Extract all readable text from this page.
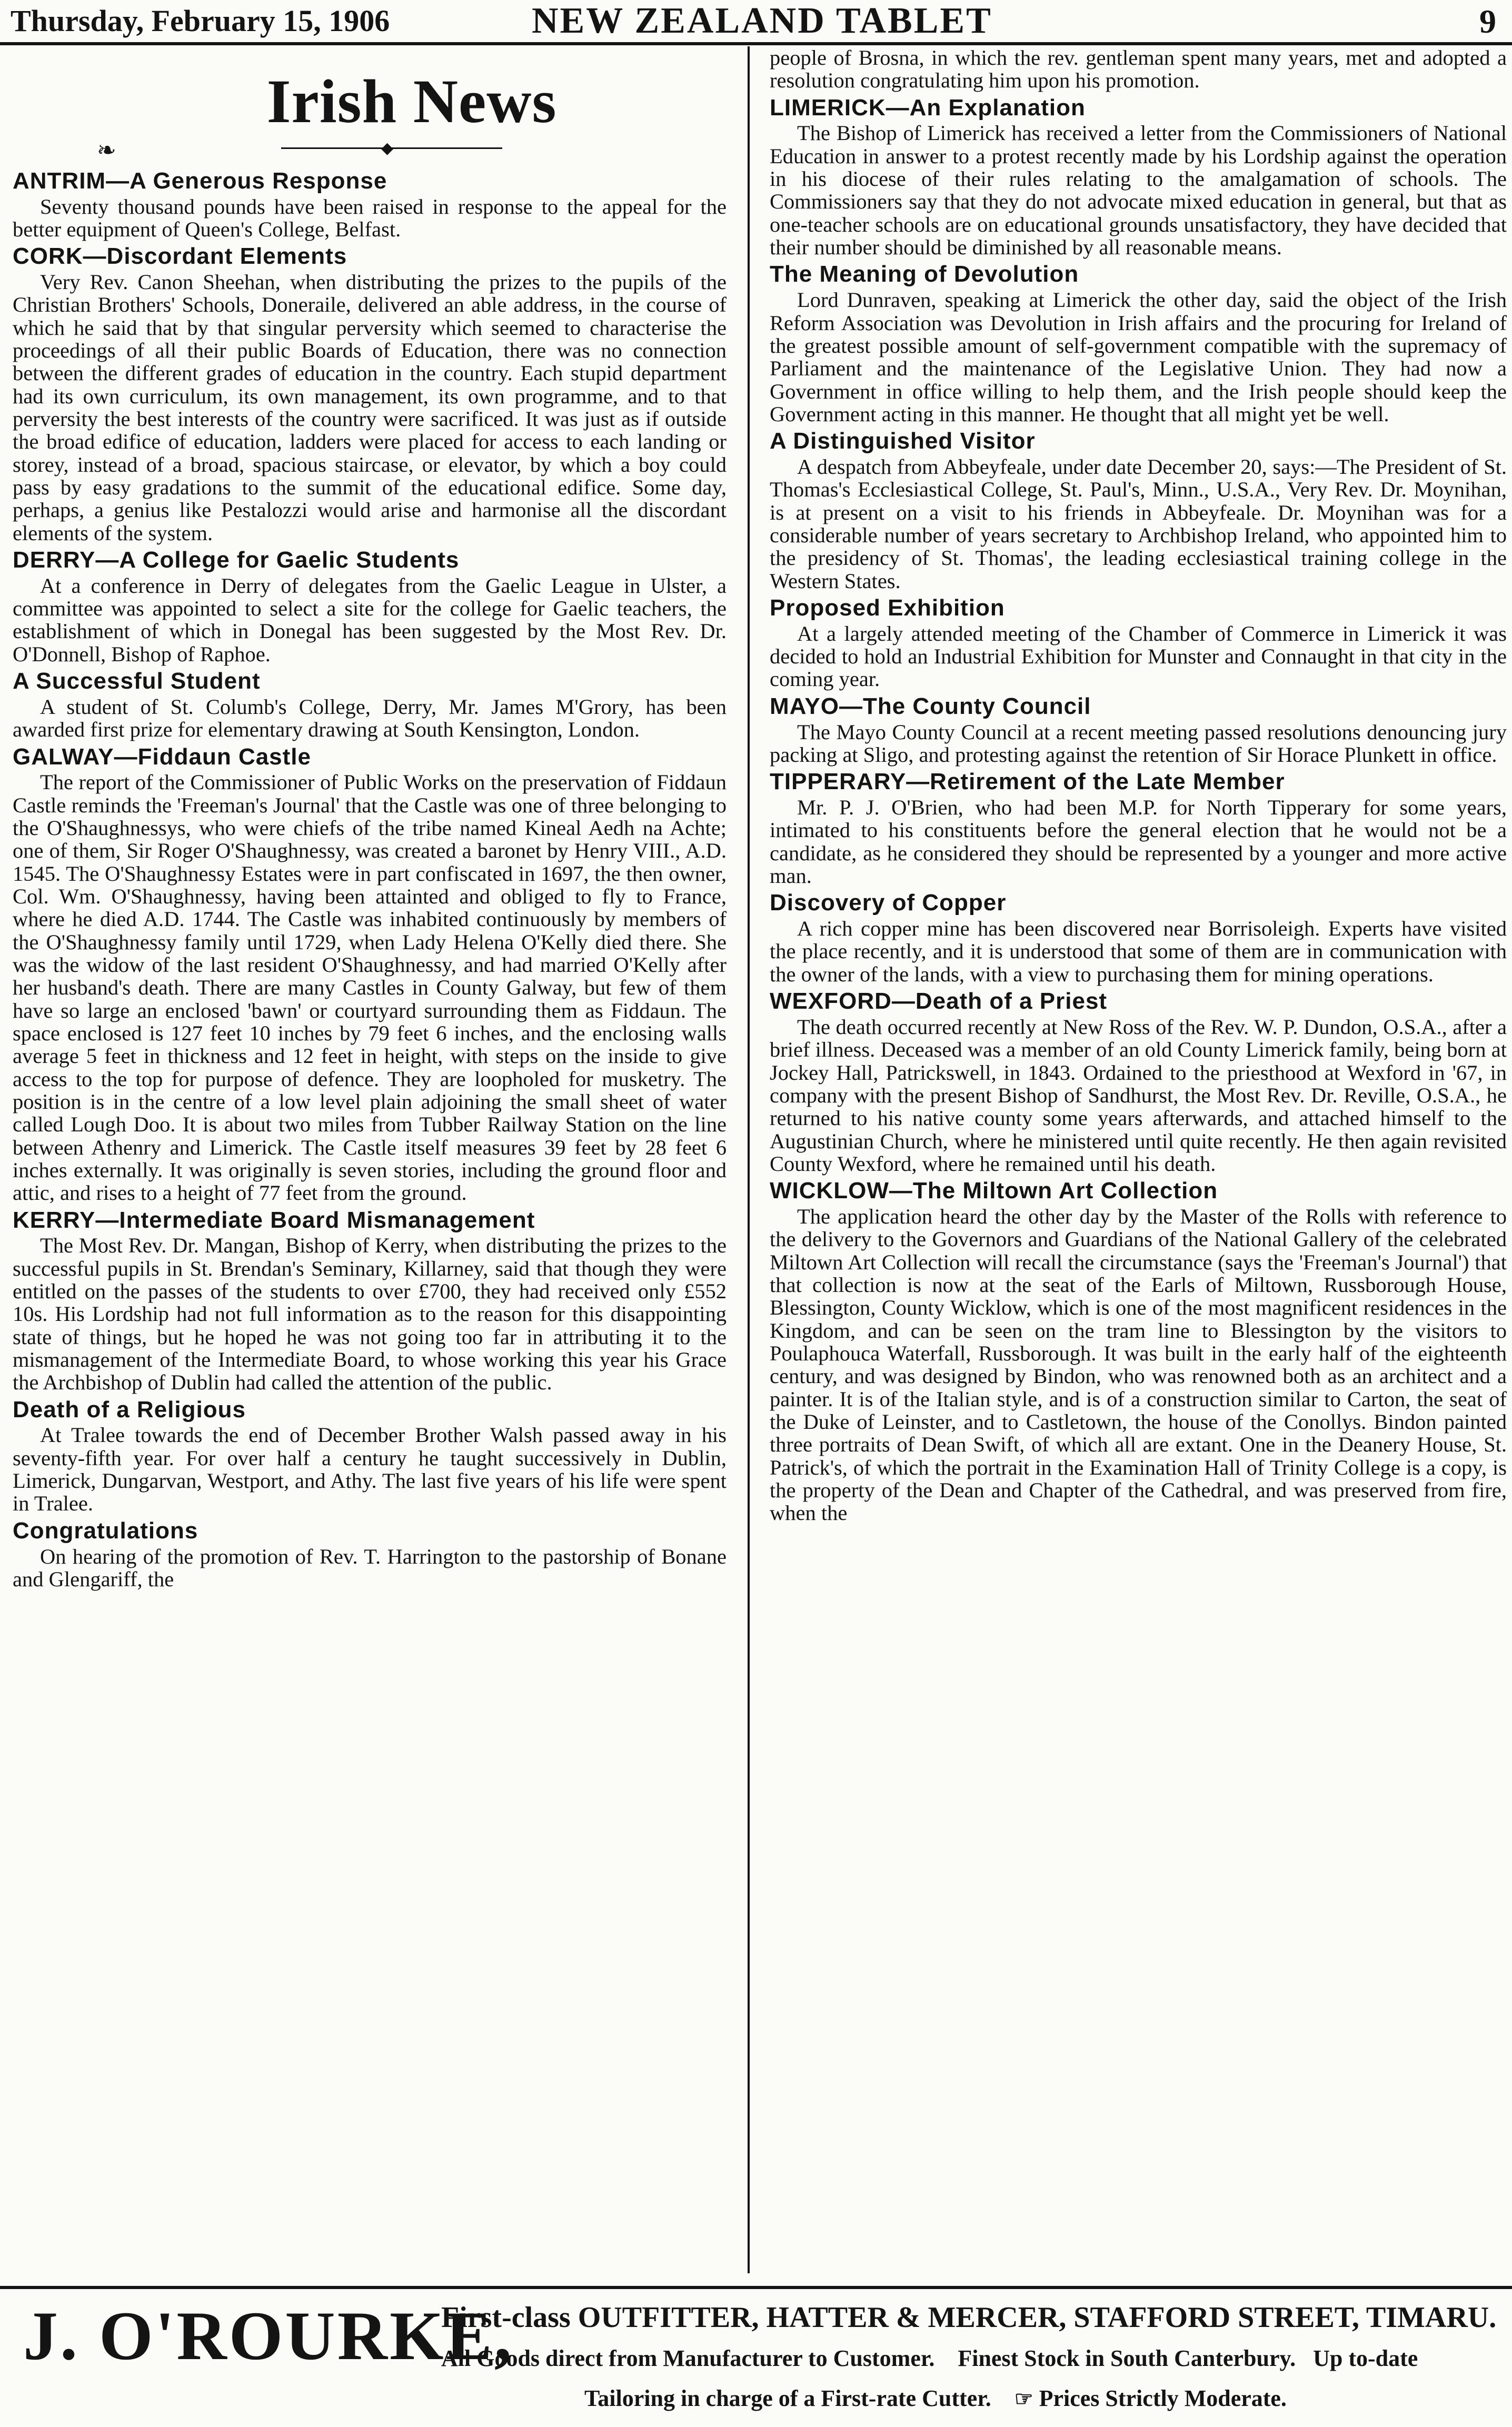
Thursday, February 15, 1906	NEW ZEALAND TABLET	9
Irish News
❧	◆
ANTRIM—A Generous Response

Seventy thousand pounds have been raised in response to the appeal for the better equipment of Queen's College, Belfast.

CORK—Discordant Elements

Very Rev. Canon Sheehan, when distributing the prizes to the pupils of the Christian Brothers' Schools, Doneraile, delivered an able address, in the course of which he said that by that singular perversity which seemed to characterise the proceedings of all their public Boards of Education, there was no connection between the different grades of education in the country. Each stupid department had its own curriculum, its own management, its own programme, and to that perversity the best interests of the country were sacrificed. It was just as if outside the broad edifice of education, ladders were placed for access to each landing or storey, instead of a broad, spacious staircase, or elevator, by which a boy could pass by easy gradations to the summit of the educational edifice. Some day, perhaps, a genius like Pestalozzi would arise and harmonise all the discordant elements of the system.

DERRY—A College for Gaelic Students

At a conference in Derry of delegates from the Gaelic League in Ulster, a committee was appointed to select a site for the college for Gaelic teachers, the establishment of which in Donegal has been suggested by the Most Rev. Dr. O'Donnell, Bishop of Raphoe.

A Successful Student

A student of St. Columb's College, Derry, Mr. James M'Grory, has been awarded first prize for elementary drawing at South Kensington, London.

GALWAY—Fiddaun Castle

The report of the Commissioner of Public Works on the preservation of Fiddaun Castle reminds the 'Freeman's Journal' that the Castle was one of three belonging to the O'Shaughnessys, who were chiefs of the tribe named Kineal Aedh na Achte; one of them, Sir Roger O'Shaughnessy, was created a baronet by Henry VIII., A.D. 1545. The O'Shaughnessy Estates were in part confiscated in 1697, the then owner, Col. Wm. O'Shaughnessy, having been attainted and obliged to fly to France, where he died A.D. 1744. The Castle was inhabited continuously by members of the O'Shaughnessy family until 1729, when Lady Helena O'Kelly died there. She was the widow of the last resident O'Shaughnessy, and had married O'Kelly after her husband's death. There are many Castles in County Galway, but few of them have so large an enclosed 'bawn' or courtyard surrounding them as Fiddaun. The space enclosed is 127 feet 10 inches by 79 feet 6 inches, and the enclosing walls average 5 feet in thickness and 12 feet in height, with steps on the inside to give access to the top for purpose of defence. They are loopholed for musketry. The position is in the centre of a low level plain adjoining the small sheet of water called Lough Doo. It is about two miles from Tubber Railway Station on the line between Athenry and Limerick. The Castle itself measures 39 feet by 28 feet 6 inches externally. It was originally is seven stories, including the ground floor and attic, and rises to a height of 77 feet from the ground.

KERRY—Intermediate Board Mismanagement

The Most Rev. Dr. Mangan, Bishop of Kerry, when distributing the prizes to the successful pupils in St. Brendan's Seminary, Killarney, said that though they were entitled on the passes of the students to over £700, they had received only £552 10s. His Lordship had not full information as to the reason for this disappointing state of things, but he hoped he was not going too far in attributing it to the mismanagement of the Intermediate Board, to whose working this year his Grace the Archbishop of Dublin had called the attention of the public.

Death of a Religious

At Tralee towards the end of December Brother Walsh passed away in his seventy-fifth year. For over half a century he taught successively in Dublin, Limerick, Dungarvan, Westport, and Athy. The last five years of his life were spent in Tralee.

Congratulations

On hearing of the promotion of Rev. T. Harrington to the pastorship of Bonane and Glengariff, the

people of Brosna, in which the rev. gentleman spent many years, met and adopted a resolution congratulating him upon his promotion.

LIMERICK—An Explanation

The Bishop of Limerick has received a letter from the Commissioners of National Education in answer to a protest recently made by his Lordship against the operation in his diocese of their rules relating to the amalgamation of schools. The Commissioners say that they do not advocate mixed education in general, but that as one-teacher schools are on educational grounds unsatisfactory, they have decided that their number should be diminished by all reasonable means.

The Meaning of Devolution

Lord Dunraven, speaking at Limerick the other day, said the object of the Irish Reform Association was Devolution in Irish affairs and the procuring for Ireland of the greatest possible amount of self-government compatible with the supremacy of Parliament and the maintenance of the Legislative Union. They had now a Government in office willing to help them, and the Irish people should keep the Government acting in this manner. He thought that all might yet be well.

A Distinguished Visitor

A despatch from Abbeyfeale, under date December 20, says:—The President of St. Thomas's Ecclesiastical College, St. Paul's, Minn., U.S.A., Very Rev. Dr. Moynihan, is at present on a visit to his friends in Abbeyfeale. Dr. Moynihan was for a considerable number of years secretary to Archbishop Ireland, who appointed him to the presidency of St. Thomas', the leading ecclesiastical training college in the Western States.

Proposed Exhibition

At a largely attended meeting of the Chamber of Commerce in Limerick it was decided to hold an Industrial Exhibition for Munster and Connaught in that city in the coming year.

MAYO—The County Council

The Mayo County Council at a recent meeting passed resolutions denouncing jury packing at Sligo, and protesting against the retention of Sir Horace Plunkett in office.

TIPPERARY—Retirement of the Late Member

Mr. P. J. O'Brien, who had been M.P. for North Tipperary for some years, intimated to his constituents before the general election that he would not be a candidate, as he considered they should be represented by a younger and more active man.

Discovery of Copper

A rich copper mine has been discovered near Borrisoleigh. Experts have visited the place recently, and it is understood that some of them are in communication with the owner of the lands, with a view to purchasing them for mining operations.

WEXFORD—Death of a Priest

The death occurred recently at New Ross of the Rev. W. P. Dundon, O.S.A., after a brief illness. Deceased was a member of an old County Limerick family, being born at Jockey Hall, Patrickswell, in 1843. Ordained to the priesthood at Wexford in '67, in company with the present Bishop of Sandhurst, the Most Rev. Dr. Reville, O.S.A., he returned to his native county some years afterwards, and attached himself to the Augustinian Church, where he ministered until quite recently. He then again revisited County Wexford, where he remained until his death.

WICKLOW—The Miltown Art Collection

The application heard the other day by the Master of the Rolls with reference to the delivery to the Governors and Guardians of the National Gallery of the celebrated Miltown Art Collection will recall the circumstance (says the 'Freeman's Journal') that that collection is now at the seat of the Earls of Miltown, Russborough House, Blessington, County Wicklow, which is one of the most magnificent residences in the Kingdom, and can be seen on the tram line to Blessington by the visitors to Poulaphouca Waterfall, Russborough. It was built in the early half of the eighteenth century, and was designed by Bindon, who was renowned both as an architect and a painter. It is of the Italian style, and is of a construction similar to Carton, the seat of the Duke of Leinster, and to Castletown, the house of the Conollys. Bindon painted three portraits of Dean Swift, of which all are extant. One in the Deanery House, St. Patrick's, of which the portrait in the Examination Hall of Trinity College is a copy, is the property of the Dean and Chapter of the Cathedral, and was preserved from fire, when the

J. O'ROURKE,
First-class OUTFITTER, HATTER & MERCER, STAFFORD STREET, TIMARU.
All Goods direct from Manufacturer to Customer. Finest Stock in South Canterbury. Up to-date
Tailoring in charge of a First-rate Cutter. ☞ Prices Strictly Moderate.
